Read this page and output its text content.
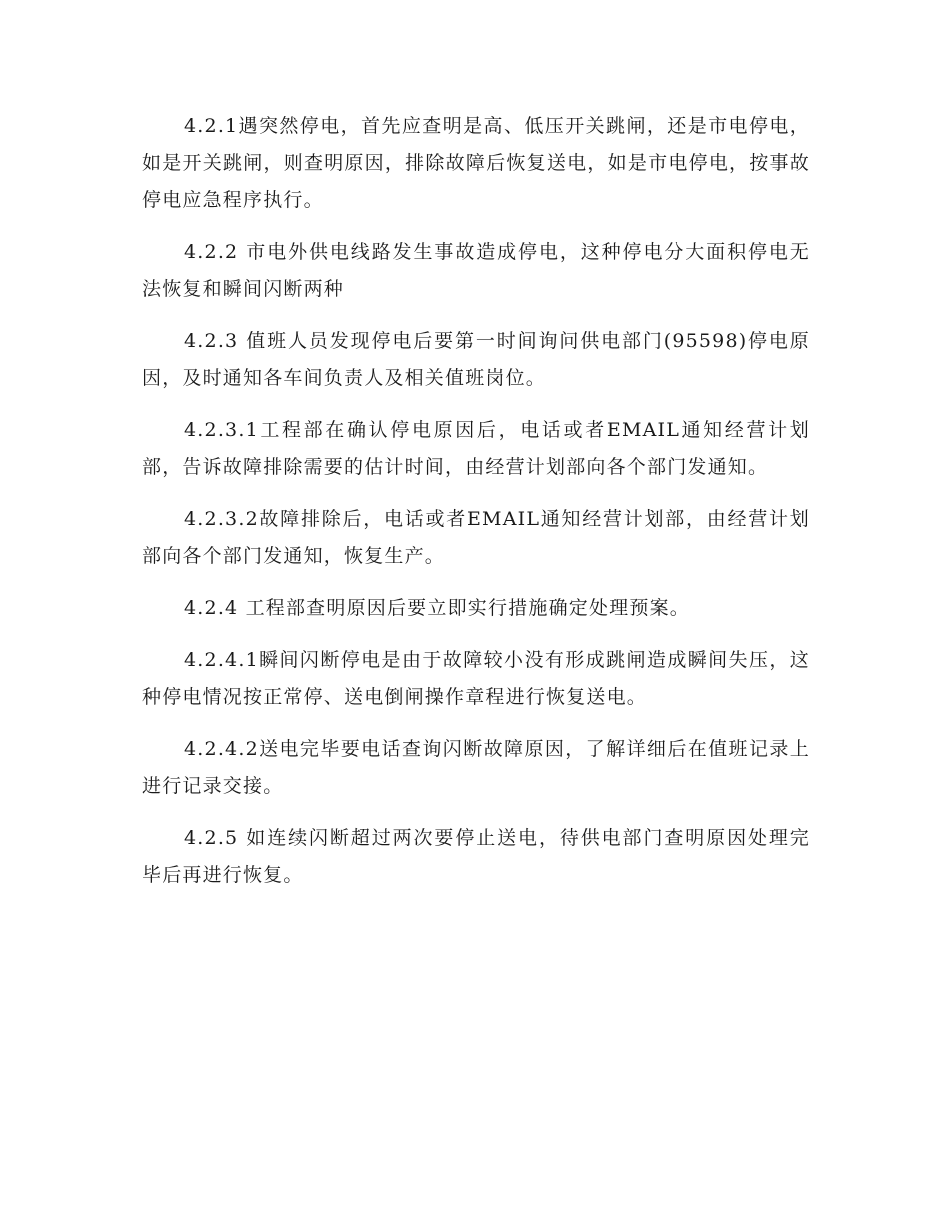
4.2.1遇突然停电，首先应查明是高、低压开关跳闸，还是市电停电，如是开关跳闸，则查明原因，排除故障后恢复送电，如是市电停电，按事故停电应急程序执行。

4.2.2 市电外供电线路发生事故造成停电，这种停电分大面积停电无法恢复和瞬间闪断两种

4.2.3 值班人员发现停电后要第一时间询问供电部门(95598)停电原因，及时通知各车间负责人及相关值班岗位。

4.2.3.1工程部在确认停电原因后，电话或者EMAIL通知经营计划部，告诉故障排除需要的估计时间，由经营计划部向各个部门发通知。

4.2.3.2故障排除后，电话或者EMAIL通知经营计划部，由经营计划部向各个部门发通知，恢复生产。

4.2.4 工程部查明原因后要立即实行措施确定处理预案。

4.2.4.1瞬间闪断停电是由于故障较小没有形成跳闸造成瞬间失压，这种停电情况按正常停、送电倒闸操作章程进行恢复送电。

4.2.4.2送电完毕要电话查询闪断故障原因，了解详细后在值班记录上进行记录交接。

4.2.5 如连续闪断超过两次要停止送电，待供电部门查明原因处理完毕后再进行恢复。
